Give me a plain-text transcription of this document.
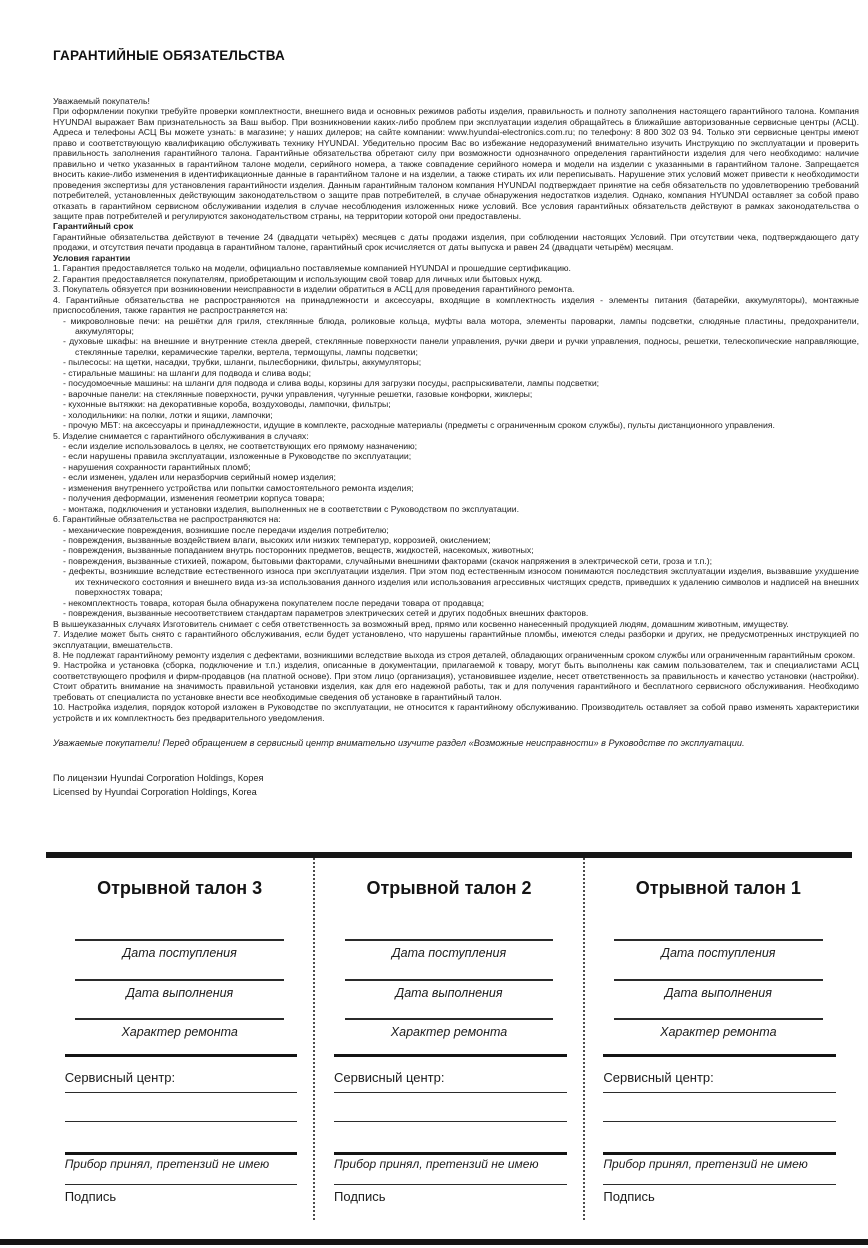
ГАРАНТИЙНЫЕ ОБЯЗАТЕЛЬСТВА

Уважаемый покупатель!

При оформлении покупки требуйте проверки комплектности, внешнего вида и основных режимов работы изделия, правильность и полноту заполнения настоящего гарантийного талона. Компания HYUNDAI выражает Вам признательность за Ваш выбор. При возникновении каких-либо проблем при эксплуатации изделия обращайтесь в ближайшие авторизованные сервисные центры (АСЦ). Адреса и телефоны АСЦ Вы можете узнать: в магазине; у наших дилеров; на сайте компании: www.hyundai-electronics.com.ru; по телефону: 8 800 302 03 94. Только эти сервисные центры имеют право и соответствующую квалификацию обслуживать технику HYUNDAI. Убедительно просим Вас во избежание недоразумений внимательно изучить Инструкцию по эксплуатации и проверить правильность заполнения гарантийного талона. Гарантийные обязательства обретают силу при возможности однозначного определения гарантийности изделия для чего необходимо: наличие правильно и четко указанных в гарантийном талоне модели, серийного номера, а также совпадение серийного номера и модели на изделии с указанными в гарантийном талоне. Запрещается вносить какие-либо изменения в идентификационные данные в гарантийном талоне и на изделии, а также стирать их или переписывать. Нарушение этих условий может привести к необходимости проведения экспертизы для установления гарантийности изделия. Данным гарантийным талоном компания HYUNDAI подтверждает принятие на себя обязательств по удовлетворению требований потребителей, установленных действующим законодательством о защите прав потребителей, в случае обнаружения недостатков изделия. Однако, компания HYUNDAI оставляет за собой право отказать в гарантийном сервисном обслуживании изделия в случае несоблюдения изложенных ниже условий. Все условия гарантийных обязательств действуют в рамках законодательства о защите прав потребителей и регулируются законодательством страны, на территории которой они предоставлены.

Гарантийный срок

Гарантийные обязательства действуют в течение 24 (двадцати четырёх) месяцев с даты продажи изделия, при соблюдении настоящих Условий. При отсутствии чека, подтверждающего дату продажи, и отсутствия печати продавца в гарантийном талоне, гарантийный срок исчисляется от даты выпуска и равен 24 (двадцати четырём) месяцам.

Условия гарантии

1. Гарантия предоставляется только на модели, официально поставляемые компанией HYUNDAI и прошедшие сертификацию.

2. Гарантия предоставляется покупателям, приобретающим и использующим свой товар для личных или бытовых нужд.

3. Покупатель обязуется при возникновении неисправности в изделии обратиться в АСЦ для проведения гарантийного ремонта.

4. Гарантийные обязательства не распространяются на принадлежности и аксессуары, входящие в комплектность изделия - элементы питания (батарейки, аккумуляторы), монтажные приспособления, также гарантия не распространяется на:

- микроволновые печи: на решётки для гриля, стеклянные блюда, роликовые кольца, муфты вала мотора, элементы пароварки, лампы подсветки, слюдяные пластины, предохранители, аккумуляторы;

- духовые шкафы: на внешние и внутренние стекла дверей, стеклянные поверхности панели управления, ручки двери и ручки управления, подносы, решетки, телескопические направляющие, стеклянные тарелки, керамические тарелки, вертела, термощупы, лампы подсветки;

- пылесосы: на щетки, насадки, трубки, шланги, пылесборники, фильтры, аккумуляторы;

- стиральные машины: на шланги для подвода и слива воды;

- посудомоечные машины: на шланги для подвода и слива воды, корзины для загрузки посуды, распрыскиватели, лампы подсветки;

- варочные панели: на стеклянные поверхности, ручки управления, чугунные решетки, газовые конфорки, жиклеры;

- кухонные вытяжки: на декоративные короба, воздуховоды, лампочки, фильтры;

- холодильники: на полки, лотки и ящики, лампочки;

- прочую МБТ: на аксессуары и принадлежности, идущие в комплекте, расходные материалы (предметы с ограниченным сроком службы), пульты дистанционного управления.

5. Изделие снимается с гарантийного обслуживания в случаях:

- если изделие использовалось в целях, не соответствующих его прямому назначению;

- если нарушены правила эксплуатации, изложенные в Руководстве по эксплуатации;

- нарушения сохранности гарантийных пломб;

- если изменен, удален или неразборчив серийный номер изделия;

- изменения внутреннего устройства или попытки самостоятельного ремонта изделия;

- получения деформации, изменения геометрии корпуса товара;

- монтажа, подключения и установки изделия, выполненных не в соответствии с Руководством по эксплуатации.

6. Гарантийные обязательства не распространяются на:

- механические повреждения, возникшие после передачи изделия потребителю;

- повреждения, вызванные воздействием влаги, высоких или низких температур, коррозией, окислением;

- повреждения, вызванные попаданием внутрь посторонних предметов, веществ, жидкостей, насекомых, животных;

- повреждения, вызванные стихией, пожаром, бытовыми факторами, случайными внешними факторами (скачок напряжения в электрической сети, гроза и т.п.);

- дефекты, возникшие вследствие естественного износа при эксплуатации изделия. При этом под естественным износом понимаются последствия эксплуатации изделия, вызвавшие ухудшение их технического состояния и внешнего вида из-за использования данного изделия или использования агрессивных чистящих средств, приведших к удалению символов и надписей на внешних поверхностях товара;

- некомплектность товара, которая была обнаружена покупателем после передачи товара от продавца;

- повреждения, вызванные несоответствием стандартам параметров электрических сетей и других подобных внешних факторов.

В вышеуказанных случаях Изготовитель снимает с себя ответственность за возможный вред, прямо или косвенно нанесенный продукцией людям, домашним животным, имуществу.

7. Изделие может быть снято с гарантийного обслуживания, если будет установлено, что нарушены гарантийные пломбы, имеются следы разборки и других, не предусмотренных инструкцией по эксплуатации, вмешательств.

8. Не подлежат гарантийному ремонту изделия с дефектами, возникшими вследствие выхода из строя деталей, обладающих ограниченным сроком службы или ограниченным гарантийным сроком.

9. Настройка и установка (сборка, подключение и т.п.) изделия, описанные в документации, прилагаемой к товару, могут быть выполнены как самим пользователем, так и специалистами АСЦ соответствующего профиля и фирм-продавцов (на платной основе). При этом лицо (организация), установившее изделие, несет ответственность за правильность и качество установки (настройки). Стоит обратить внимание на значимость правильной установки изделия, как для его надежной работы, так и для получения гарантийного и бесплатного сервисного обслуживания. Необходимо требовать от специалиста по установке внести все необходимые сведения об установке в гарантийный талон.

10. Настройка изделия, порядок которой изложен в Руководстве по эксплуатации, не относится к гарантийному обслуживанию. Производитель оставляет за собой право изменять характеристики устройств и их комплектность без предварительного уведомления.

Уважаемые покупатели! Перед обращением в сервисный центр внимательно изучите раздел «Возможные неисправности» в Руководстве по эксплуатации.

По лицензии Hyundai Corporation Holdings, Корея

Licensed by Hyundai Corporation Holdings, Korea

Отрывной талон 3
Дата поступления
Дата выполнения
Характер ремонта
Сервисный центр:
Прибор принял, претензий не имею
Подпись
Отрывной талон 2
Дата поступления
Дата выполнения
Характер ремонта
Сервисный центр:
Прибор принял, претензий не имею
Подпись
Отрывной талон 1
Дата поступления
Дата выполнения
Характер ремонта
Сервисный центр:
Прибор принял, претензий не имею
Подпись
